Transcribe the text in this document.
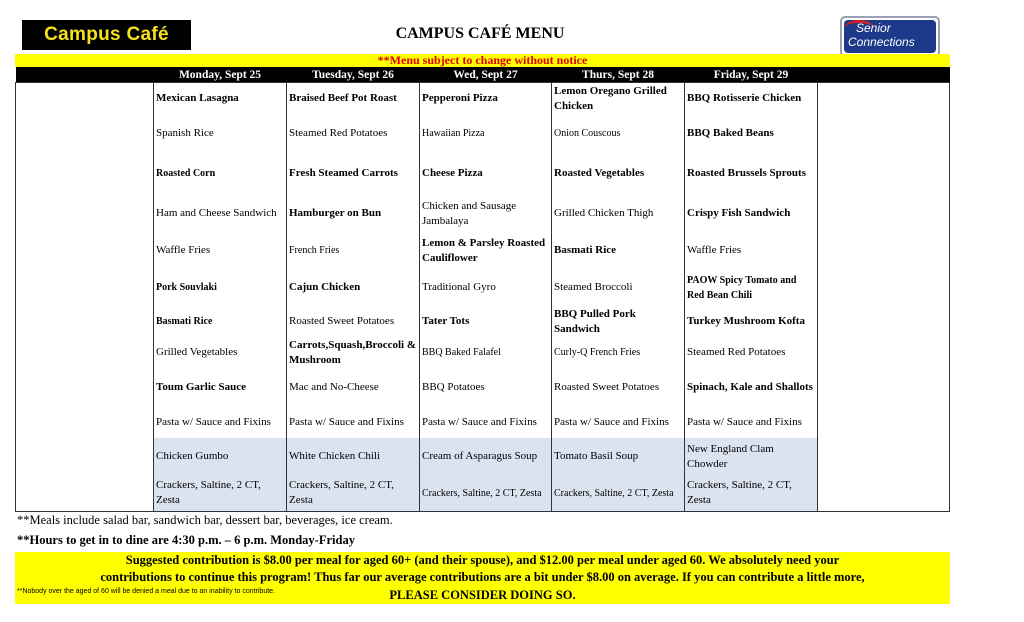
Campus Café	CAMPUS CAFÉ MENU	Senior
Connections
**Menu subject to change without notice
	Monday, Sept 25	Tuesday, Sept 26	Wed, Sept 27	Thurs, Sept 28	Friday, Sept 29	
	Mexican Lasagna	Braised Beef Pot Roast	Pepperoni Pizza	Lemon Oregano Grilled Chicken	BBQ Rotisserie Chicken	
	Spanish Rice	Steamed Red Potatoes	Hawaiian Pizza	Onion Couscous	BBQ Baked Beans	
	Roasted Corn	Fresh Steamed Carrots	Cheese Pizza	Roasted Vegetables	Roasted Brussels Sprouts	
	Ham and Cheese Sandwich	Hamburger on Bun	Chicken and Sausage Jambalaya	Grilled Chicken Thigh	Crispy Fish Sandwich	
	Waffle Fries	French Fries	Lemon & Parsley Roasted Cauliflower	Basmati Rice	Waffle Fries	
	Pork Souvlaki	Cajun Chicken	Traditional Gyro	Steamed Broccoli	PAOW Spicy Tomato and Red Bean Chili	
	Basmati Rice	Roasted Sweet Potatoes	Tater Tots	BBQ Pulled Pork Sandwich	Turkey Mushroom Kofta	
	Grilled Vegetables	Carrots,Squash,Broccoli & Mushroom	BBQ Baked Falafel	Curly-Q French Fries	Steamed Red Potatoes	
	Toum Garlic Sauce	Mac and No-Cheese	BBQ Potatoes	Roasted Sweet Potatoes	Spinach, Kale and Shallots	
	Pasta w/ Sauce and Fixins	Pasta w/ Sauce and Fixins	Pasta w/ Sauce and Fixins	Pasta w/ Sauce and Fixins	Pasta w/ Sauce and Fixins	
	Chicken Gumbo	White Chicken Chili	Cream of Asparagus Soup	Tomato Basil Soup	New England Clam Chowder	
	Crackers, Saltine, 2 CT, Zesta	Crackers, Saltine, 2 CT, Zesta	Crackers, Saltine, 2 CT, Zesta	Crackers, Saltine, 2 CT, Zesta	Crackers, Saltine, 2 CT, Zesta	
**Meals include salad bar, sandwich bar, dessert bar, beverages, ice cream.
**Hours to get in to dine are 4:30 p.m. – 6 p.m. Monday-Friday
Suggested contribution is $8.00 per meal for aged 60+ (and their spouse), and $12.00 per meal under aged 60. We absolutely need your
contributions to continue this program! Thus far our average contributions are a bit under $8.00 on average. If you can contribute a little more,
PLEASE CONSIDER DOING SO.
**Nobody over the aged of 60 will be denied a meal due to an inability to contribute.
